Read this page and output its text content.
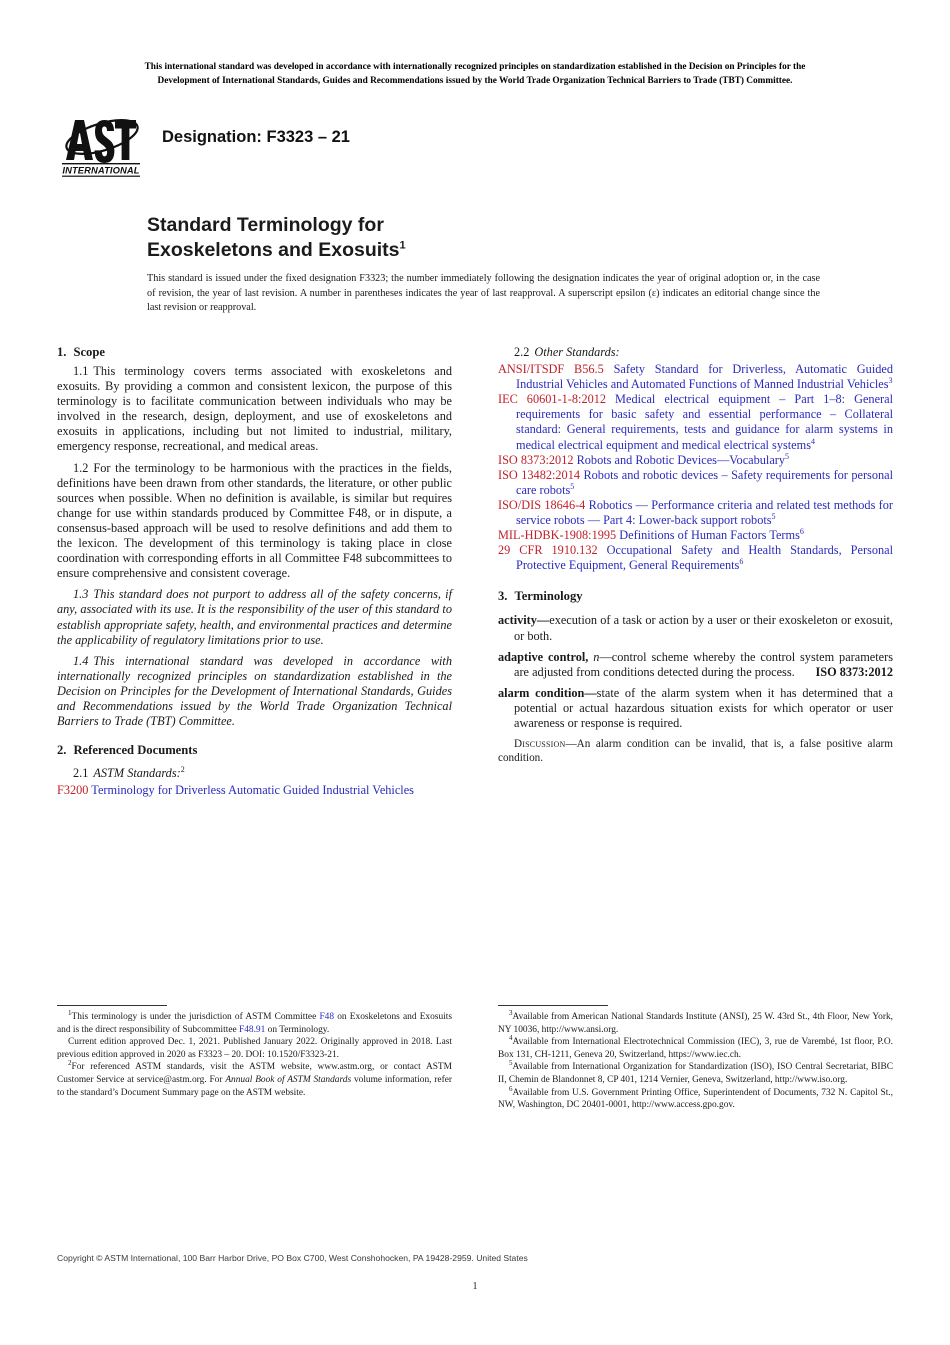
This international standard was developed in accordance with internationally recognized principles on standardization established in the Decision on Principles for the
Development of International Standards, Guides and Recommendations issued by the World Trade Organization Technical Barriers to Trade (TBT) Committee.
INTERNATIONAL
Designation: F3323 – 21
Standard Terminology for
Exoskeletons and Exosuits$^1$
This standard is issued under the fixed designation F3323; the number immediately following the designation indicates the year of original adoption or, in the case of revision, the year of last revision. A number in parentheses indicates the year of last reapproval. A superscript epsilon (ε) indicates an editorial change since the last revision or reapproval.
1. Scope

1.1 This terminology covers terms associated with exoskeletons and exosuits. By providing a common and consistent lexicon, the purpose of this terminology is to facilitate communication between individuals who may be involved in the research, design, deployment, and use of exoskeletons and exosuits in applications, including but not limited to industrial, military, emergency response, recreational, and medical areas.

1.2 For the terminology to be harmonious with the practices in the fields, definitions have been drawn from other standards, the literature, or other public sources when possible. When no definition is available, is similar but requires change for use within standards produced by Committee F48, or in dispute, a consensus-based approach will be used to resolve definitions and add them to the lexicon. The development of this terminology is taking place in close coordination with corresponding efforts in all Committee F48 subcommittees to ensure comprehensive and consistent coverage.

1.3 This standard does not purport to address all of the safety concerns, if any, associated with its use. It is the responsibility of the user of this standard to establish appropriate safety, health, and environmental practices and determine the applicability of regulatory limitations prior to use.

1.4 This international standard was developed in accordance with internationally recognized principles on standardization established in the Decision on Principles for the Development of International Standards, Guides and Recommendations issued by the World Trade Organization Technical Barriers to Trade (TBT) Committee.

2. Referenced Documents

2.1 ASTM Standards:$^2$

F3200 Terminology for Driverless Automatic Guided Industrial Vehicles

2.2 Other Standards:

ANSI/ITSDF B56.5 Safety Standard for Driverless, Automatic Guided Industrial Vehicles and Automated Functions of Manned Industrial Vehicles$^3$

IEC 60601-1-8:2012 Medical electrical equipment – Part 1–8: General requirements for basic safety and essential performance – Collateral standard: General requirements, tests and guidance for alarm systems in medical electrical equipment and medical electrical systems$^4$

ISO 8373:2012 Robots and Robotic Devices—Vocabulary$^5$

ISO 13482:2014 Robots and robotic devices – Safety requirements for personal care robots$^5$

ISO/DIS 18646-4 Robotics — Performance criteria and related test methods for service robots — Part 4: Lower-back support robots$^5$

MIL-HDBK-1908:1995 Definitions of Human Factors Terms$^6$

29 CFR 1910.132 Occupational Safety and Health Standards, Personal Protective Equipment, General Requirements$^6$

3. Terminology

activity—execution of a task or action by a user or their exoskeleton or exosuit, or both.

adaptive control, n—control scheme whereby the control system parameters are adjusted from conditions detected during the process. ISO 8373:2012

alarm condition—state of the alarm system when it has determined that a potential or actual hazardous situation exists for which operator or user awareness or response is required.

Discussion—An alarm condition can be invalid, that is, a false positive alarm condition.

$^1$This terminology is under the jurisdiction of ASTM Committee F48 on Exoskeletons and Exosuits and is the direct responsibility of Subcommittee F48.91 on Terminology.

Current edition approved Dec. 1, 2021. Published January 2022. Originally approved in 2018. Last previous edition approved in 2020 as F3323 – 20. DOI: 10.1520/F3323-21.

$^2$For referenced ASTM standards, visit the ASTM website, www.astm.org, or contact ASTM Customer Service at service@astm.org. For Annual Book of ASTM Standards volume information, refer to the standard’s Document Summary page on the ASTM website.

$^3$Available from American National Standards Institute (ANSI), 25 W. 43rd St., 4th Floor, New York, NY 10036, http://www.ansi.org.

$^4$Available from International Electrotechnical Commission (IEC), 3, rue de Varembé, 1st floor, P.O. Box 131, CH-1211, Geneva 20, Switzerland, https://www.iec.ch.

$^5$Available from International Organization for Standardization (ISO), ISO Central Secretariat, BIBC II, Chemin de Blandonnet 8, CP 401, 1214 Vernier, Geneva, Switzerland, http://www.iso.org.

$^6$Available from U.S. Government Printing Office, Superintendent of Documents, 732 N. Capitol St., NW, Washington, DC 20401-0001, http://www.access.gpo.gov.

Copyright © ASTM International, 100 Barr Harbor Drive, PO Box C700, West Conshohocken, PA 19428-2959. United States
1
